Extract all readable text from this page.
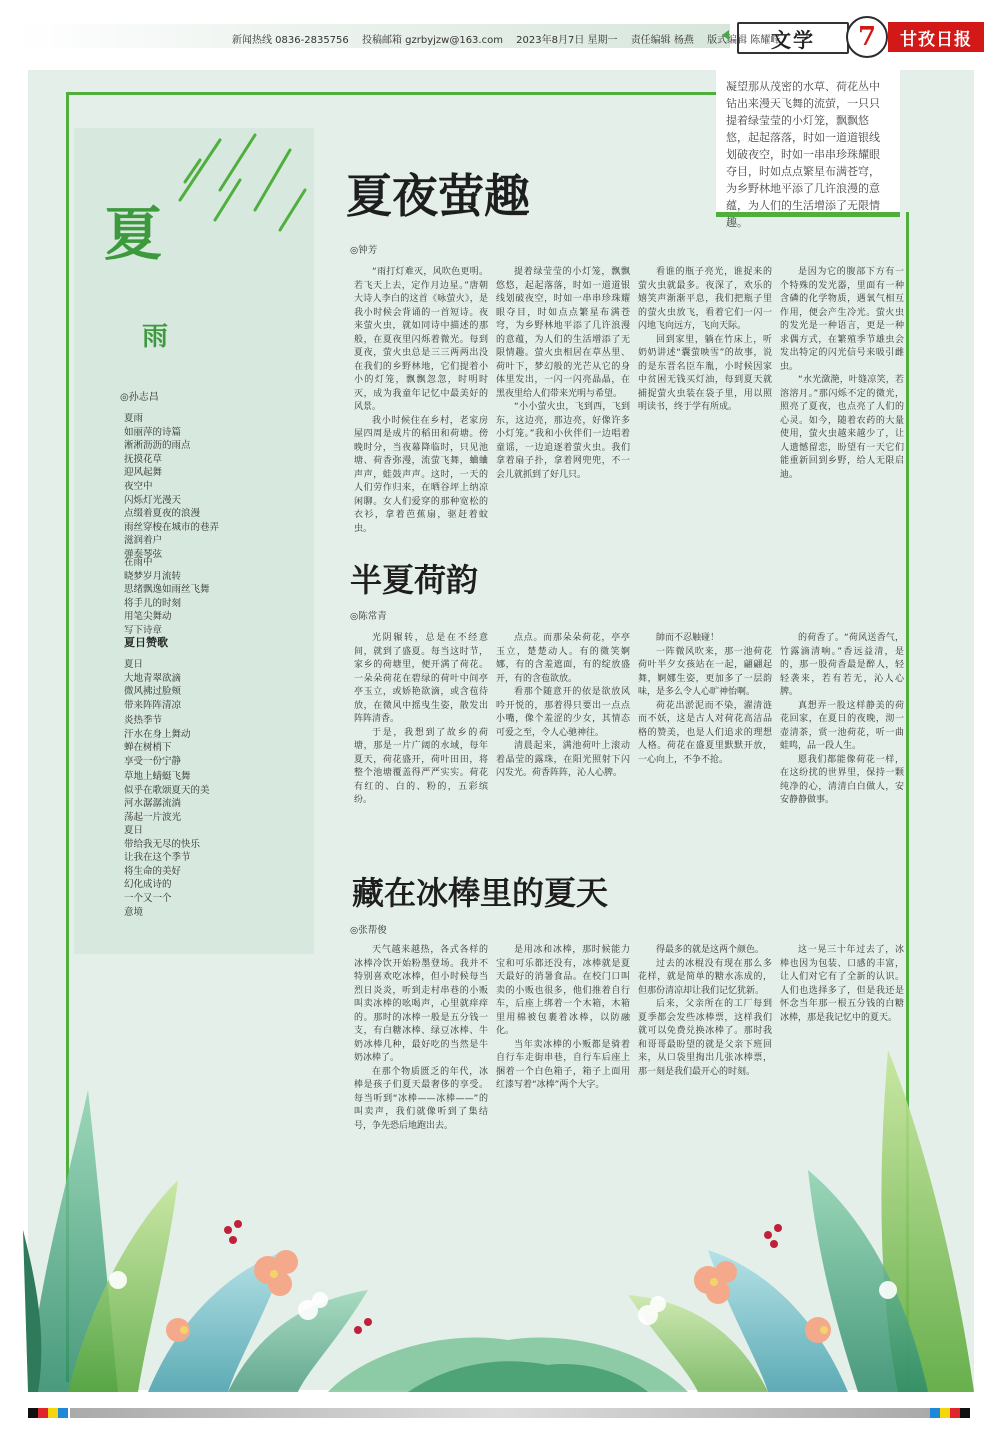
新闻热线 0836-2835756 投稿邮箱 gzrbyjzw@163.com 2023年8月7日 星期一 责任编辑 杨燕 版式编辑 陈耀峰
文学	7	甘孜日报
凝望那从茂密的水草、荷花丛中钻出来漫天飞舞的流萤，一只只提着绿莹莹的小灯笼，飘飘悠悠，起起落落，时如一道道银线划破夜空，时如一串串珍珠耀眼夺目，时如点点繁星布满苍穹，为乡野林地平添了几许浪漫的意蕴，为人们的生活增添了无限情趣。
夏
雨
◎孙志昌
夏雨
如丽萍的诗篇
淅淅沥沥的雨点
抚摸花草
迎风起舞
夜空中
闪烁灯光漫天
点缀着夏夜的浪漫
雨丝穿梭在城市的巷弄
滋润着户
弹奏琴弦
在雨中
晓梦岁月流转
思绪飘逸如雨丝飞舞
将手儿的时刻
用笔尖舞动
写下诗章
夏日赞歌
夏日
大地青翠欲滴
微风拂过脸颊
带来阵阵清凉
炎热季节
汗水在身上舞动
蝉在树梢下
享受一份宁静
草地上蜻蜓飞舞
似乎在歌颂夏天的美
河水潺潺流淌
荡起一片波光
夏日
带给我无尽的快乐
让我在这个季节
将生命的美好
幻化成诗的
一个又一个
意境
夏夜萤趣
◎钟芳

“雨打灯难灭，风吹色更明。若飞天上去，定作月边星。”唐朝大诗人李白的这首《咏萤火》，是我小时候会背诵的一首短诗。夜来萤火虫，就如同诗中描述的那般，在夏夜里闪烁着微光。每到夏夜，萤火虫总是三三两两出没在我们的乡野林地，它们提着小小的灯笼，飘飘忽忽，时明时灭，成为我童年记忆中最美好的风景。

我小时候住在乡村，老家房屋四周是成片的稻田和荷塘。傍晚时分，当夜幕降临时，只见池塘、荷香弥漫，流萤飞舞，蛐蛐声声，蛙鼓声声。这时，一天的人们劳作归来，在晒谷坪上纳凉闲聊。女人们爱穿的那种宽松的衣衫，拿着芭蕉扇，驱赶着蚊虫。

提着绿莹莹的小灯笼，飘飘悠悠，起起落落，时如一道道银线划破夜空，时如一串串珍珠耀眼夺目，时如点点繁星布满苍穹，为乡野林地平添了几许浪漫的意蕴，为人们的生活增添了无限情趣。萤火虫相居在草丛里、荷叶下，梦幻般的光芒从它的身体里发出，一闪一闪亮晶晶，在黑夜里给人们带来光明与希望。

“小小萤火虫，飞到西，飞到东，这边亮，那边亮，好像许多小灯笼。”我和小伙伴们一边唱着童谣，一边追逐着萤火虫。我们拿着扇子扑，拿着网兜兜，不一会儿就抓到了好几只。

看谁的瓶子亮光，谁捉来的萤火虫就最多。夜深了，欢乐的嬉笑声渐渐平息，我们把瓶子里的萤火虫放飞，看着它们一闪一闪地飞向远方，飞向天际。

回到家里，躺在竹床上，听奶奶讲述“囊萤映雪”的故事，说的是东晋名臣车胤，小时候因家中贫困无钱买灯油，每到夏天就捕捉萤火虫装在袋子里，用以照明读书，终于学有所成。

是因为它的腹部下方有一个特殊的发光器，里面有一种含磷的化学物质，遇氧气相互作用，便会产生冷光。萤火虫的发光是一种语言，更是一种求偶方式，在繁殖季节雄虫会发出特定的闪光信号来吸引雌虫。

“水光潋滟，叶缝凉笑，若溶溶月。”那闪烁不定的微光，照亮了夏夜，也点亮了人们的心灵。如今，随着农药的大量使用，萤火虫越来越少了，让人遗憾留恋，盼望有一天它们能重新回到乡野，给人无限启迪。

半夏荷韵
◎陈常青

光阴辗转，总是在不经意间，就到了盛夏。每当这时节，家乡的荷塘里，便开满了荷花。一朵朵荷花在碧绿的荷叶中间亭亭玉立，或娇艳欲滴，或含苞待放，在微风中摇曳生姿，散发出阵阵清香。

于是，我想到了故乡的荷塘，那是一片广阔的水域，每年夏天，荷花盛开，荷叶田田，将整个池塘覆盖得严严实实。荷花有红的、白的、粉的，五彩缤纷。

点点。而那朵朵荷花，亭亭玉立，楚楚动人。有的微笑婀娜，有的含羞遮面，有的绽放盛开，有的含苞欲放。

看那个随意开的依是欲放风吟开悦的，那着得只要出一点点小嘴，像个羞涩的少女，其情态可爱之至，令人心驰神往。

清晨起来，满池荷叶上滚动着晶莹的露珠，在阳光照射下闪闪发光。荷香阵阵，沁人心脾。

帥而不忍触碰！

一阵微风吹来，那一池荷花荷叶半夕女孩站在一起，翩翩起舞，婀娜生姿，更加多了一层韵味，是多么令人心旷神怡啊。

荷花出淤泥而不染，濯清涟而不妖，这是古人对荷花高洁品格的赞美，也是人们追求的理想人格。荷花在盛夏里默默开放，一心向上，不争不抢。

的荷香了。“荷风送香气，竹露滴清响。”香远益清，是的，那一股荷香最是醉人，轻轻袭来，若有若无，沁人心脾。

真想弄一股这样静美的荷花回家，在夏日的夜晚，沏一壶清茶，赏一池荷花，听一曲蛙鸣，品一段人生。

愿我们都能像荷花一样，在这纷扰的世界里，保持一颗纯净的心，清清白白做人，安安静静做事。

藏在冰棒里的夏天
◎张帮俊

天气越来越热，各式各样的冰棒冷饮开始粉墨登场。我并不特别喜欢吃冰棒，但小时候每当烈日炎炎，听到走村串巷的小贩叫卖冰棒的吆喝声，心里就痒痒的。那时的冰棒一般是五分钱一支，有白糖冰棒、绿豆冰棒、牛奶冰棒几种，最好吃的当然是牛奶冰棒了。

在那个物质匮乏的年代，冰棒是孩子们夏天最奢侈的享受。每当听到“冰棒——冰棒——”的叫卖声，我们就像听到了集结号，争先恐后地跑出去。

是用冰和冰棒，那时候能力宝和可乐都还没有，冰棒就是夏天最好的消暑食品。在校门口叫卖的小贩也很多，他们推着自行车，后座上绑着一个木箱，木箱里用棉被包裹着冰棒，以防融化。

当年卖冰棒的小贩都是骑着自行车走街串巷，自行车后座上捆着一个白色箱子，箱子上面用红漆写着“冰棒”两个大字。

得最多的就是这两个颜色。

过去的冰棍没有现在那么多花样，就是简单的糖水冻成的，但那份清凉却让我们记忆犹新。

后来，父亲所在的工厂每到夏季都会发些冰棒票，这样我们就可以免费兑换冰棒了。那时我和哥哥最盼望的就是父亲下班回来，从口袋里掏出几张冰棒票，那一刻是我们最开心的时刻。

这一晃三十年过去了，冰棒也因为包装、口感的丰富，让人们对它有了全新的认识。人们也选择多了，但是我还是怀念当年那一根五分钱的白糖冰棒，那是我记忆中的夏天。
